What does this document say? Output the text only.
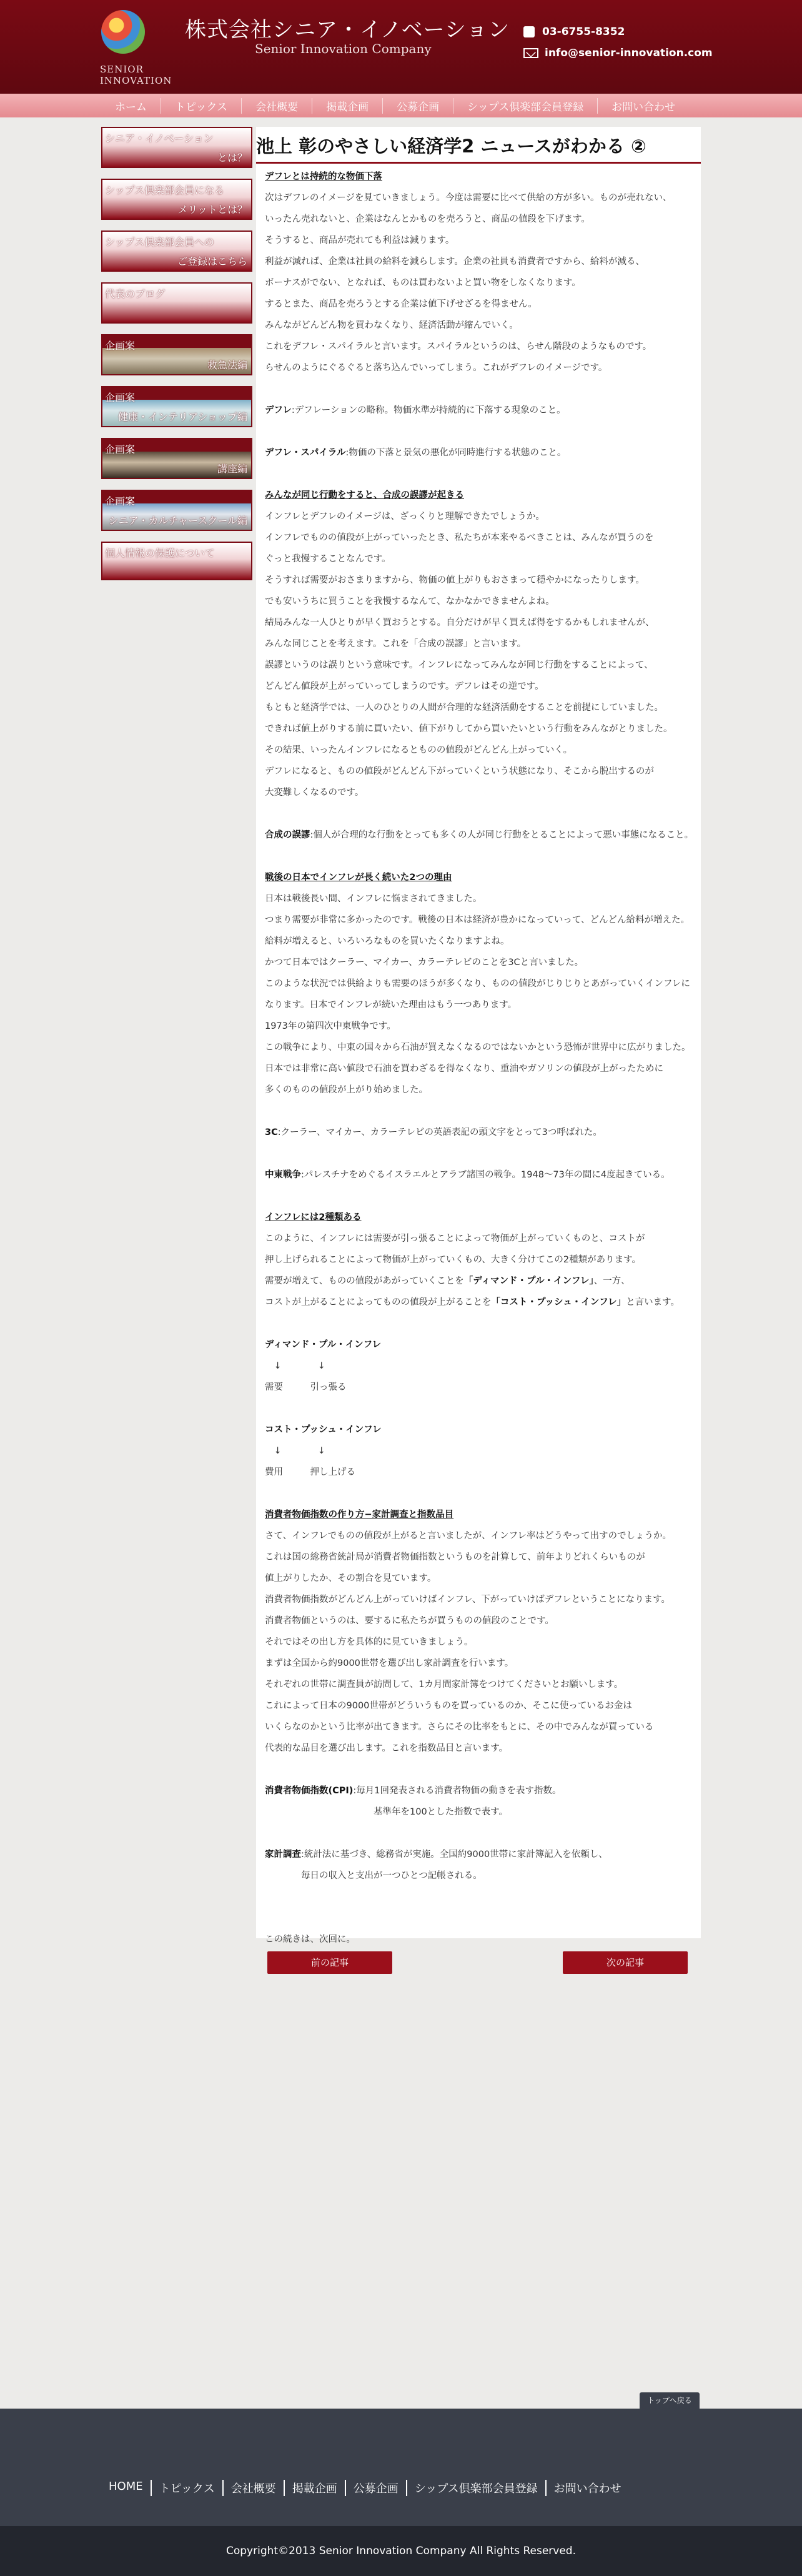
SENIOR
INNOVATION
株式会社シニア・イノベーション
Senior Innovation Company
03-6755-8352
info@senior-innovation.com
ホーム	トピックス	会社概要	掲載企画	公募企画	シップス倶楽部会員登録	お問い合わせ
シニア・イノベーション
とは？
シップス倶楽部会員になる
メリットとは？
シップス倶楽部会員への
ご登録はこちら
代表のブログ
企画案
救急法編
企画案
健康・インテリアショップ編
企画案
講座編
企画案
シニア・カルチャースクール編
個人情報の保護について
池上 彰のやさしい経済学2 ニュースがわかる ②

デフレとは持続的な物価下落

次はデフレのイメージを見ていきましょう。今度は需要に比べて供給の方が多い。ものが売れない、

いったん売れないと、企業はなんとかものを売ろうと、商品の値段を下げます。

そうすると、商品が売れても利益は減ります。

利益が減れば、企業は社員の給料を減らします。企業の社員も消費者ですから、給料が減る、

ボーナスがでない、となれば、ものは買わないよと買い物をしなくなります。

するとまた、商品を売ろうとする企業は値下げせざるを得ません。

みんながどんどん物を買わなくなり、経済活動が縮んでいく。

これをデフレ・スパイラルと言います。スパイラルというのは、らせん階段のようなものです。

らせんのようにぐるぐると落ち込んでいってしまう。これがデフレのイメージです。

デフレ:デフレーションの略称。物価水準が持続的に下落する現象のこと。

デフレ・スパイラル:物価の下落と景気の悪化が同時進行する状態のこと。

みんなが同じ行動をすると、合成の誤謬が起きる

インフレとデフレのイメージは、ざっくりと理解できたでしょうか。

インフレでものの値段が上がっていったとき、私たちが本来やるべきことは、みんなが買うのを

ぐっと我慢することなんです。

そうすれば需要がおさまりますから、物価の値上がりもおさまって穏やかになったりします。

でも安いうちに買うことを我慢するなんて、なかなかできませんよね。

結局みんな一人ひとりが早く買おうとする。自分だけが早く買えば得をするかもしれませんが、

みんな同じことを考えます。これを「合成の誤謬」と言います。

誤謬というのは誤りという意味です。インフレになってみんなが同じ行動をすることによって、

どんどん値段が上がっていってしまうのです。デフレはその逆です。

もともと経済学では、一人のひとりの人間が合理的な経済活動をすることを前提にしていました。

できれば値上がりする前に買いたい、値下がりしてから買いたいという行動をみんながとりました。

その結果、いったんインフレになるとものの値段がどんどん上がっていく。

デフレになると、ものの値段がどんどん下がっていくという状態になり、そこから脱出するのが

大変難しくなるのです。

合成の誤謬:個人が合理的な行動をとっても多くの人が同じ行動をとることによって悪い事態になること。

戦後の日本でインフレが長く続いた2つの理由

日本は戦後長い間、インフレに悩まされてきました。

つまり需要が非常に多かったのです。戦後の日本は経済が豊かになっていって、どんどん給料が増えた。

給料が増えると、いろいろなものを買いたくなりますよね。

かつて日本ではクーラー、マイカー、カラーテレビのことを3Cと言いました。

このような状況では供給よりも需要のほうが多くなり、ものの値段がじりじりとあがっていくインフレに

なります。日本でインフレが続いた理由はもう一つあります。

1973年の第四次中東戦争です。

この戦争により、中東の国々から石油が買えなくなるのではないかという恐怖が世界中に広がりました。

日本では非常に高い値段で石油を買わざるを得なくなり、重油やガソリンの値段が上がったために

多くのものの値段が上がり始めました。

3C:クーラー、マイカー、カラーテレビの英語表記の頭文字をとって3つ呼ばれた。

中東戦争:パレスチナをめぐるイスラエルとアラブ諸国の戦争。1948〜73年の間に4度起きている。

インフレには2種類ある

このように、インフレには需要が引っ張ることによって物価が上がっていくものと、コストが

押し上げられることによって物価が上がっていくもの、大きく分けてこの2種類があります。

需要が増えて、ものの値段があがっていくことを「ディマンド・プル・インフレ」、一方、

コストが上がることによってものの値段が上がることを「コスト・プッシュ・インフレ」と言います。

ディマンド・プル・インフレ

　↓　　　　↓

需要　　　引っ張る

コスト・プッシュ・インフレ

　↓　　　　↓

費用　　　押し上げる

消費者物価指数の作り方−家計調査と指数品目

さて、インフレでものの値段が上がると言いましたが、インフレ率はどうやって出すのでしょうか。

これは国の総務省統計局が消費者物価指数というものを計算して、前年よりどれくらいものが

値上がりしたか、その割合を見ています。

消費者物価指数がどんどん上がっていけばインフレ、下がっていけばデフレということになります。

消費者物価というのは、要するに私たちが買うものの値段のことです。

それではその出し方を具体的に見ていきましょう。

まずは全国から約9000世帯を選び出し家計調査を行います。

それぞれの世帯に調査員が訪問して、1カ月間家計簿をつけてくださいとお願いします。

これによって日本の9000世帯がどういうものを買っているのか、そこに使っているお金は

いくらなのかという比率が出てきます。さらにその比率をもとに、その中でみんなが買っている

代表的な品目を選び出します。これを指数品目と言います。

消費者物価指数(CPI):毎月1回発表される消費者物価の動きを表す指数。

　　　　　　　　　　　　基準年を100とした指数で表す。

家計調査:統計法に基づき、総務省が実施。全国約9000世帯に家計簿記入を依頼し、

　　　　毎日の収入と支出が一つひとつ記帳される。

この続きは、次回に。

前の記事	次の記事
トップへ戻る
HOME	トピックス	会社概要	掲載企画	公募企画	シップス倶楽部会員登録	お問い合わせ
Copyright©2013 Senior Innovation Company All Rights Reserved.
